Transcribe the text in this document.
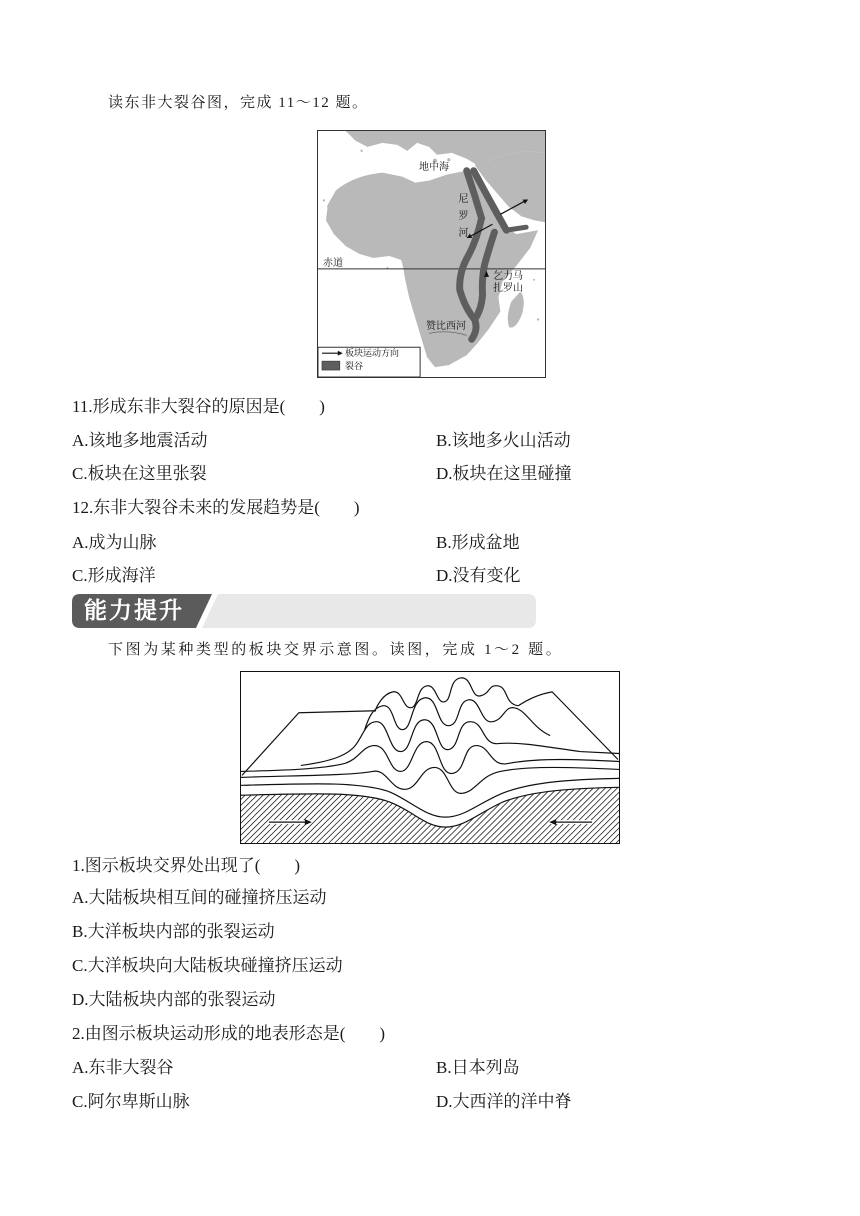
读东非大裂谷图，完成 11～12 题。
地中海
尼罗河
赤道
乞力马扎罗山
赞比西河
板块运动方向
裂谷
11.形成东非大裂谷的原因是(　　)
A.该地多地震活动	B.该地多火山活动
C.板块在这里张裂	D.板块在这里碰撞
12.东非大裂谷未来的发展趋势是(　　)
A.成为山脉	B.形成盆地
C.形成海洋	D.没有变化
能力提升
下图为某种类型的板块交界示意图。读图，完成 1～2 题。
1.图示板块交界处出现了(　　)
A.大陆板块相互间的碰撞挤压运动
B.大洋板块内部的张裂运动
C.大洋板块向大陆板块碰撞挤压运动
D.大陆板块内部的张裂运动
2.由图示板块运动形成的地表形态是(　　)
A.东非大裂谷	B.日本列岛
C.阿尔卑斯山脉	D.大西洋的洋中脊
